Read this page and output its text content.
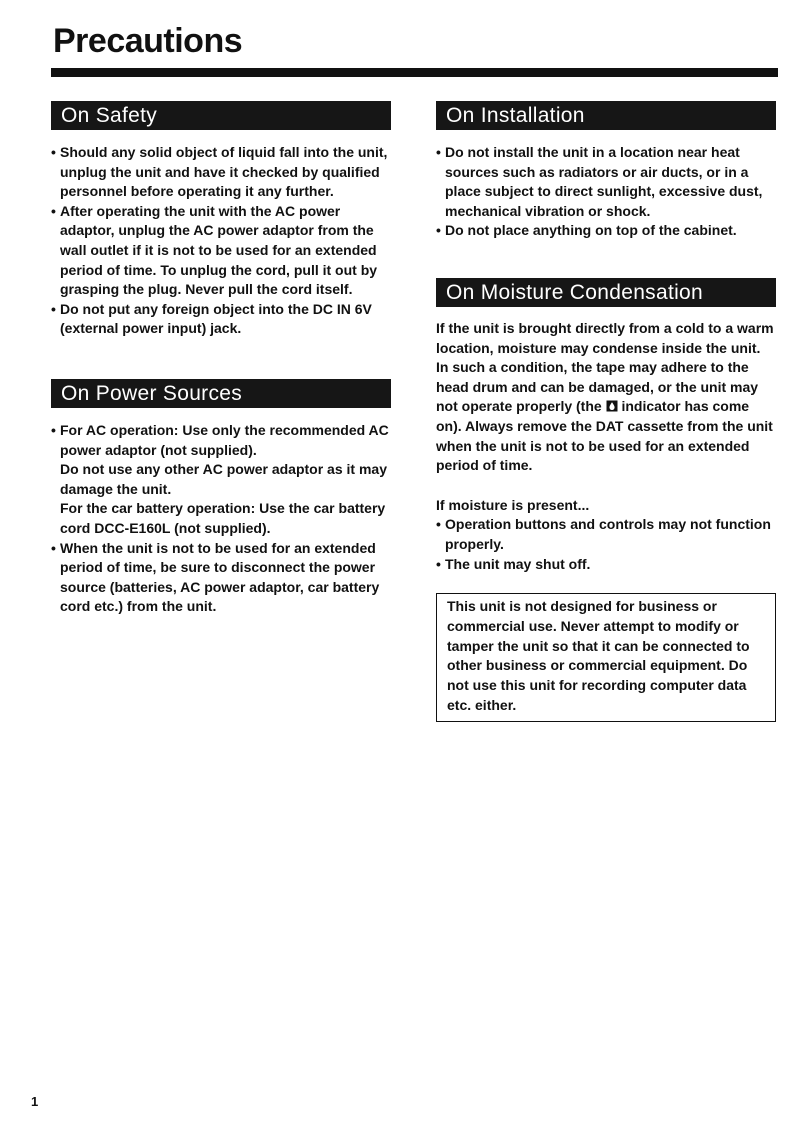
Precautions
On Safety
• Should any solid object of liquid fall into the unit, unplug the unit and have it checked by qualified personnel before operating it any further.
• After operating the unit with the AC power adaptor, unplug the AC power adaptor from the wall outlet if it is not to be used for an extended period of time. To unplug the cord, pull it out by grasping the plug. Never pull the cord itself.
• Do not put any foreign object into the DC IN 6V (external power input) jack.
On Power Sources
• For AC operation: Use only the recommended AC power adaptor (not supplied).
Do not use any other AC power adaptor as it may damage the unit.
For the car battery operation: Use the car battery cord DCC-E160L (not supplied).
• When the unit is not to be used for an extended period of time, be sure to disconnect the power source (batteries, AC power adaptor, car battery cord etc.) from the unit.
On Installation
• Do not install the unit in a location near heat sources such as radiators or air ducts, or in a place subject to direct sunlight, excessive dust, mechanical vibration or shock.
• Do not place anything on top of the cabinet.
On Moisture Condensation

If the unit is brought directly from a cold to a warm location, moisture may condense inside the unit. In such a condition, the tape may adhere to the head drum and can be damaged, or the unit may not operate properly (the indicator has come on). Always remove the DAT cassette from the unit when the unit is not to be used for an extended period of time.

If moisture is present...

• Operation buttons and controls may not function properly.
• The unit may shut off.
This unit is not designed for business or commercial use. Never attempt to modify or tamper the unit so that it can be connected to other business or commercial equipment. Do not use this unit for recording computer data etc. either.
1
